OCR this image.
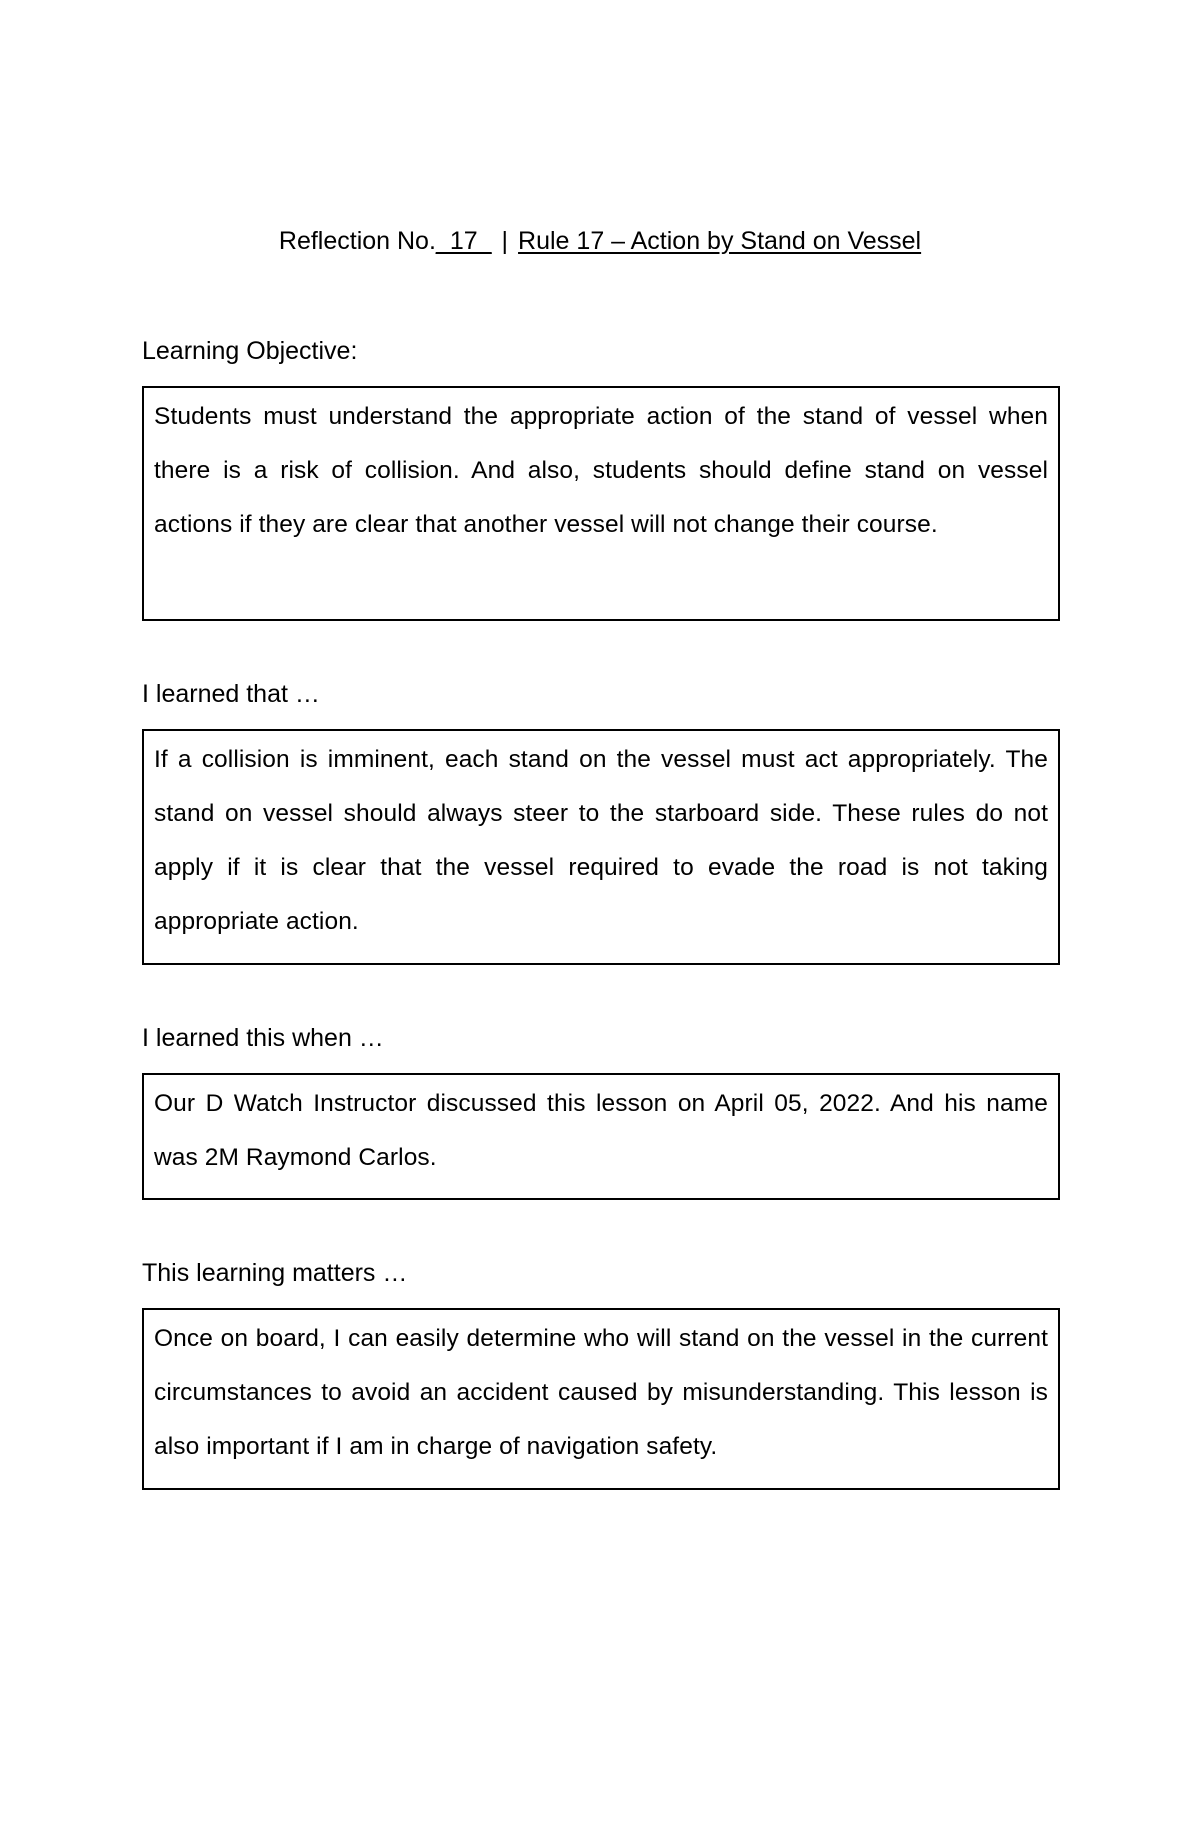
Reflection No._17_ | Rule 17 – Action by Stand on Vessel
Learning Objective:
Students must understand the appropriate action of the stand of vessel when there is a risk of collision. And also, students should define stand on vessel actions if they are clear that another vessel will not change their course.
I learned that …
If a collision is imminent, each stand on the vessel must act appropriately. The stand on vessel should always steer to the starboard side. These rules do not apply if it is clear that the vessel required to evade the road is not taking appropriate action.
I learned this when …
Our D Watch Instructor discussed this lesson on April 05, 2022. And his name was 2M Raymond Carlos.
This learning matters …
Once on board, I can easily determine who will stand on the vessel in the current circumstances to avoid an accident caused by misunderstanding. This lesson is also important if I am in charge of navigation safety.
